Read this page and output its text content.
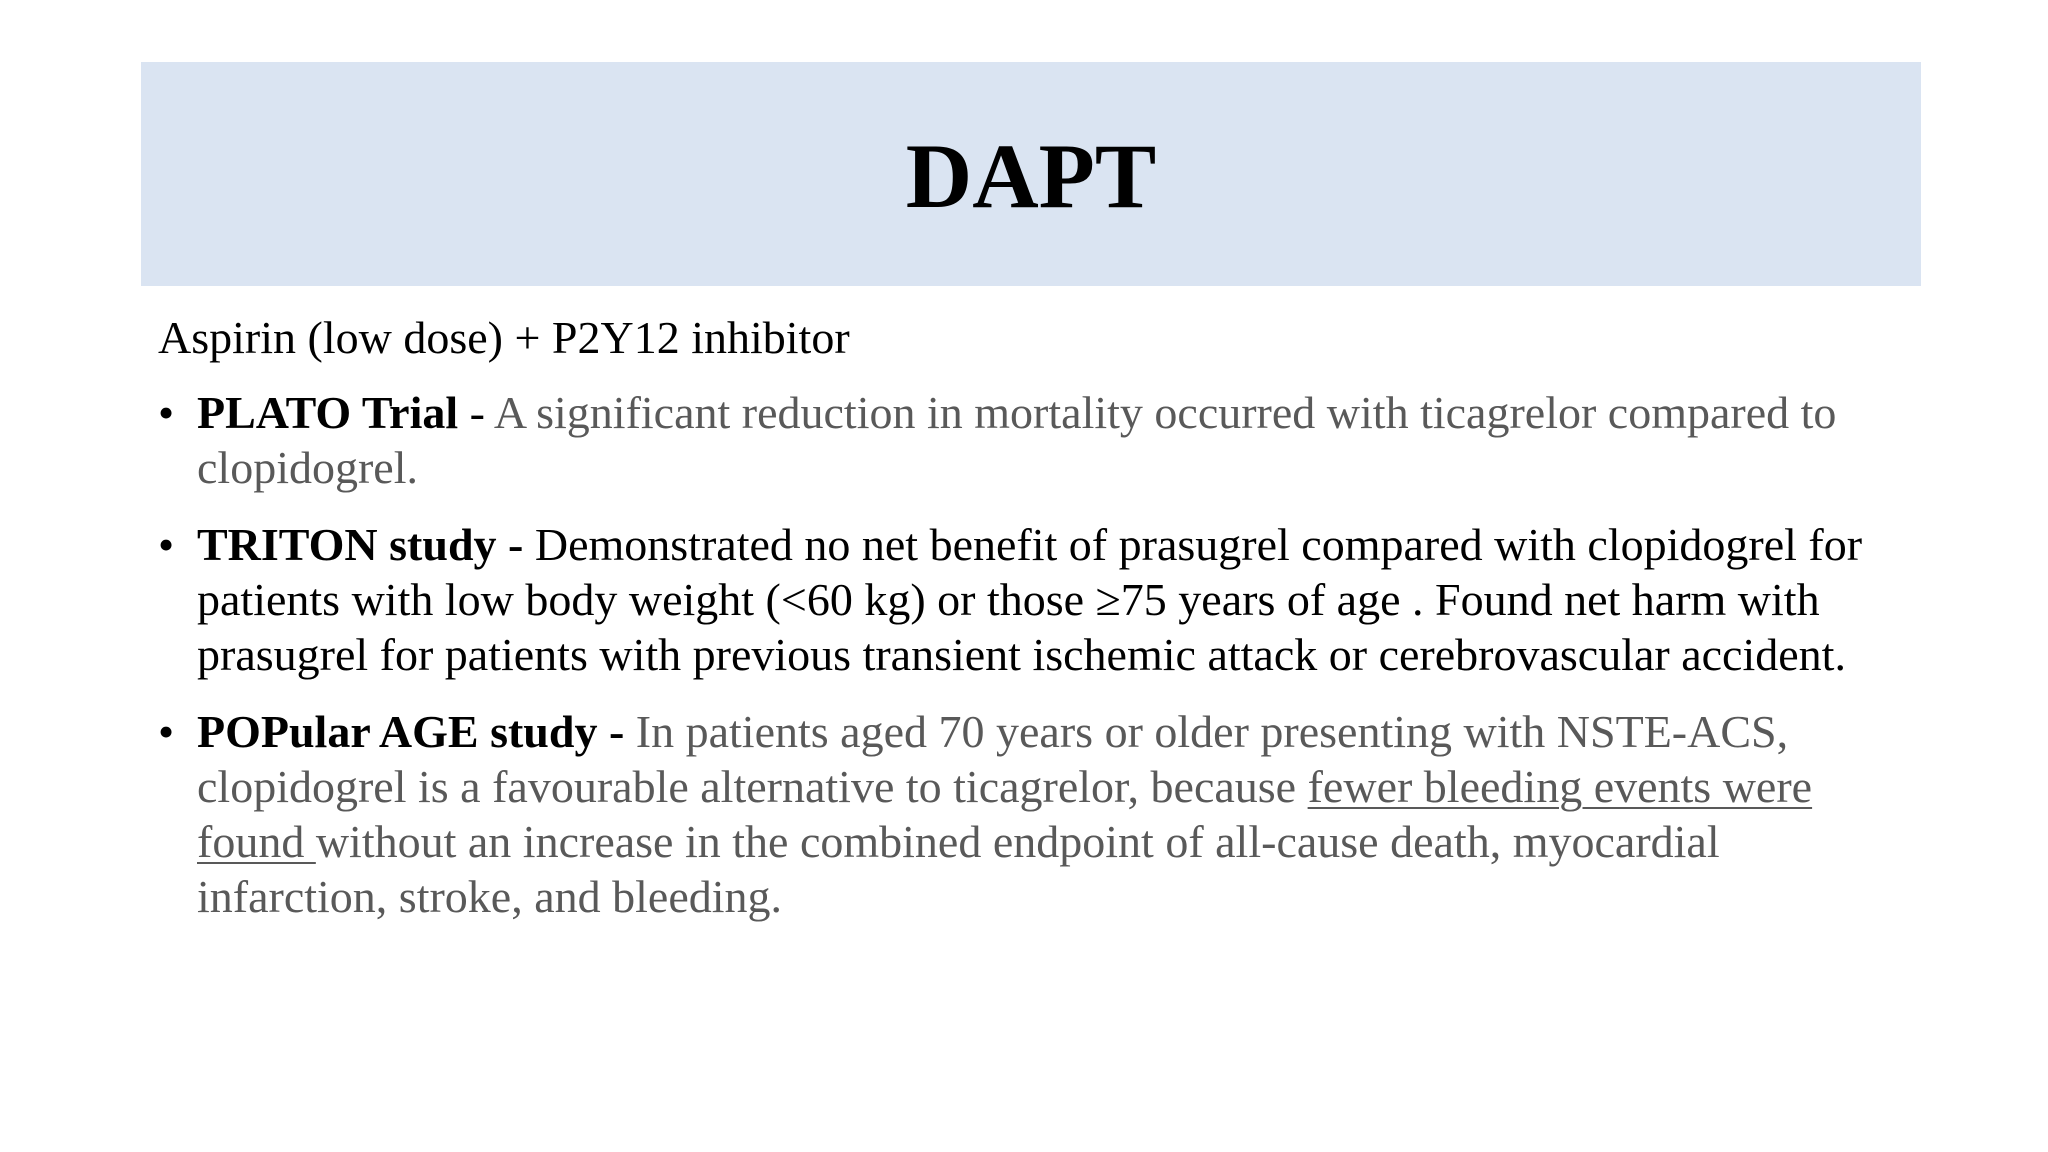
DAPT
Aspirin (low dose) + P2Y12 inhibitor
• PLATO Trial - A significant reduction in mortality occurred with ticagrelor compared to clopidogrel.
• TRITON study - Demonstrated no net benefit of prasugrel compared with clopidogrel for patients with low body weight (<60 kg) or those ≥75 years of age . Found net harm with prasugrel for patients with previous transient ischemic attack or cerebrovascular accident.
• POPular AGE study - In patients aged 70 years or older presenting with NSTE-ACS, clopidogrel is a favourable alternative to ticagrelor, because fewer bleeding events were found without an increase in the combined endpoint of all-cause death, myocardial infarction, stroke, and bleeding.
